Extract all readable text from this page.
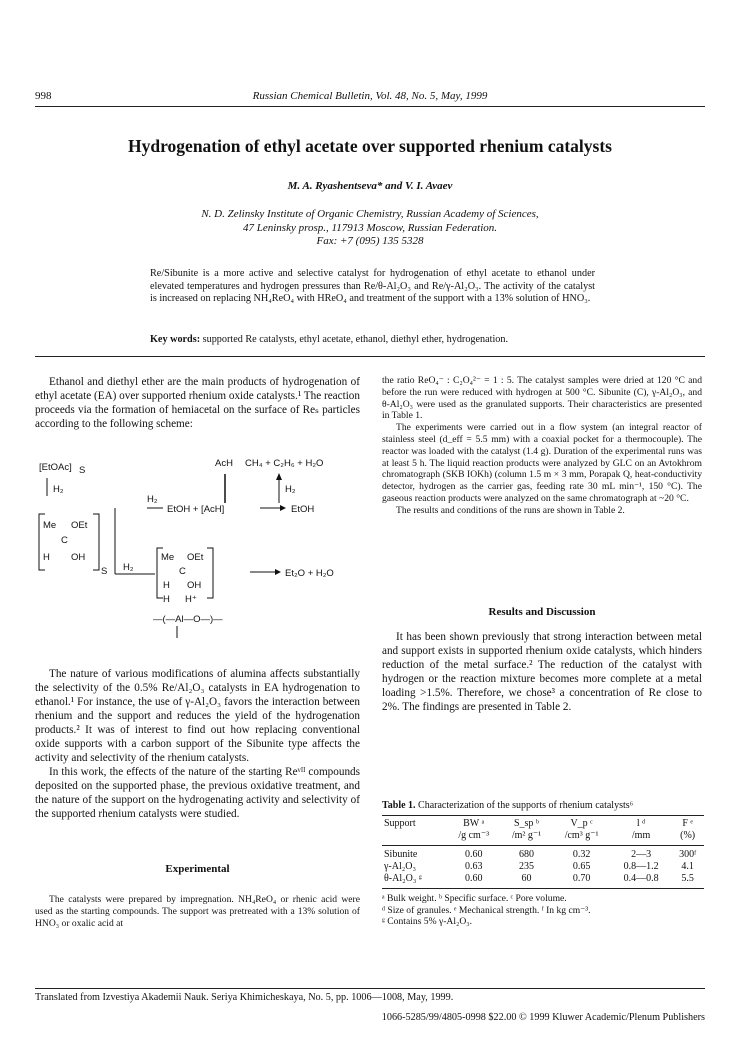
998	Russian Chemical Bulletin, Vol. 48, No. 5, May, 1999
Hydrogenation of ethyl acetate over supported rhenium catalysts
M. A. Ryashentseva* and V. I. Avaev
N. D. Zelinsky Institute of Organic Chemistry, Russian Academy of Sciences,
47 Leninsky prosp., 117913 Moscow, Russian Federation.
Fax: +7 (095) 135 5328
Re/Sibunite is a more active and selective catalyst for hydrogenation of ethyl acetate to ethanol under elevated temperatures and hydrogen pressures than Re/θ-Al₂O₃ and Re/γ-Al₂O₃. The activity of the catalyst is increased on replacing NH₄ReO₄ with HReO₄ and treatment of the support with a 13% solution of HNO₃.
Key words: supported Re catalysts, ethyl acetate, ethanol, diethyl ether, hydrogenation.

Ethanol and diethyl ether are the main products of hydrogenation of ethyl acetate (EA) over supported rhenium oxide catalysts.¹ The reaction proceeds via the formation of hemiacetal on the surface of Reₛ particles according to the following scheme:

[EtOAc] S
H₂
AcH CH₄ + C₂H₆ + H₂O
H₂
EtOH + [AcH]
H₂
EtOH
Me OEt
C
H OH
S H₂
Me OEt
C
H OH
Et₂O + H₂O
H H⁺
—(—Al—O—)—

The nature of various modifications of alumina affects substantially the selectivity of the 0.5% Re/Al₂O₃ catalysts in EA hydrogenation to ethanol.¹ For instance, the use of γ-Al₂O₃ favors the interaction between rhenium and the support and reduces the yield of the hydrogenation products.² It was of interest to find out how replacing conventional oxide supports with a carbon support of the Sibunite type affects the activity and selectivity of the rhenium catalysts.

In this work, the effects of the nature of the starting Reᵛᴵᴵ compounds deposited on the supported phase, the previous oxidative treatment, and the nature of the support on the hydrogenating activity and selectivity of the supported rhenium catalysts were studied.

Experimental

The catalysts were prepared by impregnation. NH₄ReO₄ or rhenic acid were used as the starting compounds. The support was pretreated with a 13% solution of HNO₃ or oxalic acid at

the ratio ReO₄⁻ : C₂O₄²⁻ = 1 : 5. The catalyst samples were dried at 120 °C and before the run were reduced with hydrogen at 500 °C. Sibunite (C), γ-Al₂O₃, and θ-Al₂O₃ were used as the granulated supports. Their characteristics are presented in Table 1.

The experiments were carried out in a flow system (an integral reactor of stainless steel (d_eff = 5.5 mm) with a coaxial pocket for a thermocouple). The reactor was loaded with the catalyst (1.4 g). Duration of the experimental runs was at least 5 h. The liquid reaction products were analyzed by GLC on an Avtokhrom chromatograph (SKB IOKh) (column 1.5 m × 3 mm, Porapak Q, heat-conductivity detector, hydrogen as the carrier gas, feeding rate 30 mL min⁻¹, 150 °C). The gaseous reaction products were analyzed on the same chromatograph at ~20 °C.

The results and conditions of the runs are shown in Table 2.

Results and Discussion

It has been shown previously that strong interaction between metal and support exists in supported rhenium oxide catalysts, which hinders reduction of the metal surface.² The reduction of the catalyst with hydrogen or the reaction mixture becomes more complete at a metal loading >1.5%. Therefore, we chose³ a concentration of Re close to 2%. The findings are presented in Table 2.

Table 1. Characterization of the supports of rhenium catalysts⁶
Support	BW ᵃ	S_sp ᵇ	V_p ᶜ	l ᵈ	F ᵉ
	/g cm⁻³	/m² g⁻¹	/cm³ g⁻¹	/mm	(%)
Sibunite	0.60	680	0.32	2—3	300ᶠ
γ-Al₂O₃	0.63	235	0.65	0.8—1.2	4.1
θ-Al₂O₃ ᵍ	0.60	60	0.70	0.4—0.8	5.5
ᵃ Bulk weight. ᵇ Specific surface. ᶜ Pore volume.
ᵈ Size of granules. ᵉ Mechanical strength. ᶠ In kg cm⁻³.
ᵍ Contains 5% γ-Al₂O₃.
Translated from Izvestiya Akademii Nauk. Seriya Khimicheskaya, No. 5, pp. 1006—1008, May, 1999.
1066-5285/99/4805-0998 $22.00 © 1999 Kluwer Academic/Plenum Publishers
